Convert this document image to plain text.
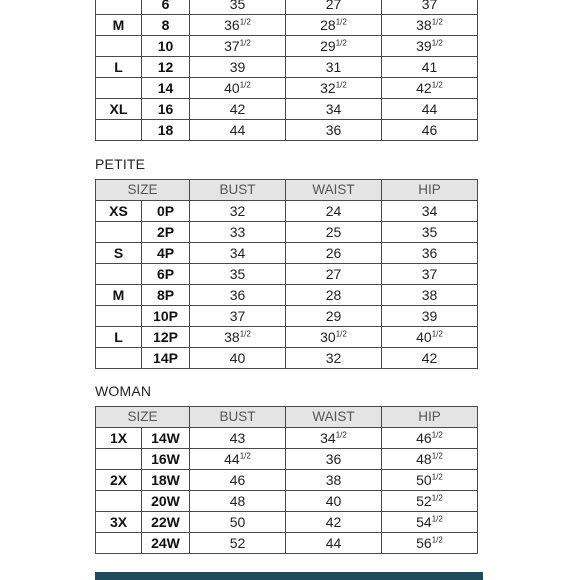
	6	35	27	37
M	8	$36^{1/2}$	$28^{1/2}$	$38^{1/2}$
	10	$37^{1/2}$	$29^{1/2}$	$39^{1/2}$
L	12	39	31	41
	14	$40^{1/2}$	$32^{1/2}$	$42^{1/2}$
XL	16	42	34	44
	18	44	36	46
PETITE
SIZE		BUST	WAIST	HIP
XS	0P	32	24	34
	2P	33	25	35
S	4P	34	26	36
	6P	35	27	37
M	8P	36	28	38
	10P	37	29	39
L	12P	$38^{1/2}$	$30^{1/2}$	$40^{1/2}$
	14P	40	32	42
WOMAN
SIZE		BUST	WAIST	HIP
1X	14W	43	$34^{1/2}$	$46^{1/2}$
	16W	$44^{1/2}$	36	$48^{1/2}$
2X	18W	46	38	$50^{1/2}$
	20W	48	40	$52^{1/2}$
3X	22W	50	42	$54^{1/2}$
	24W	52	44	$56^{1/2}$
